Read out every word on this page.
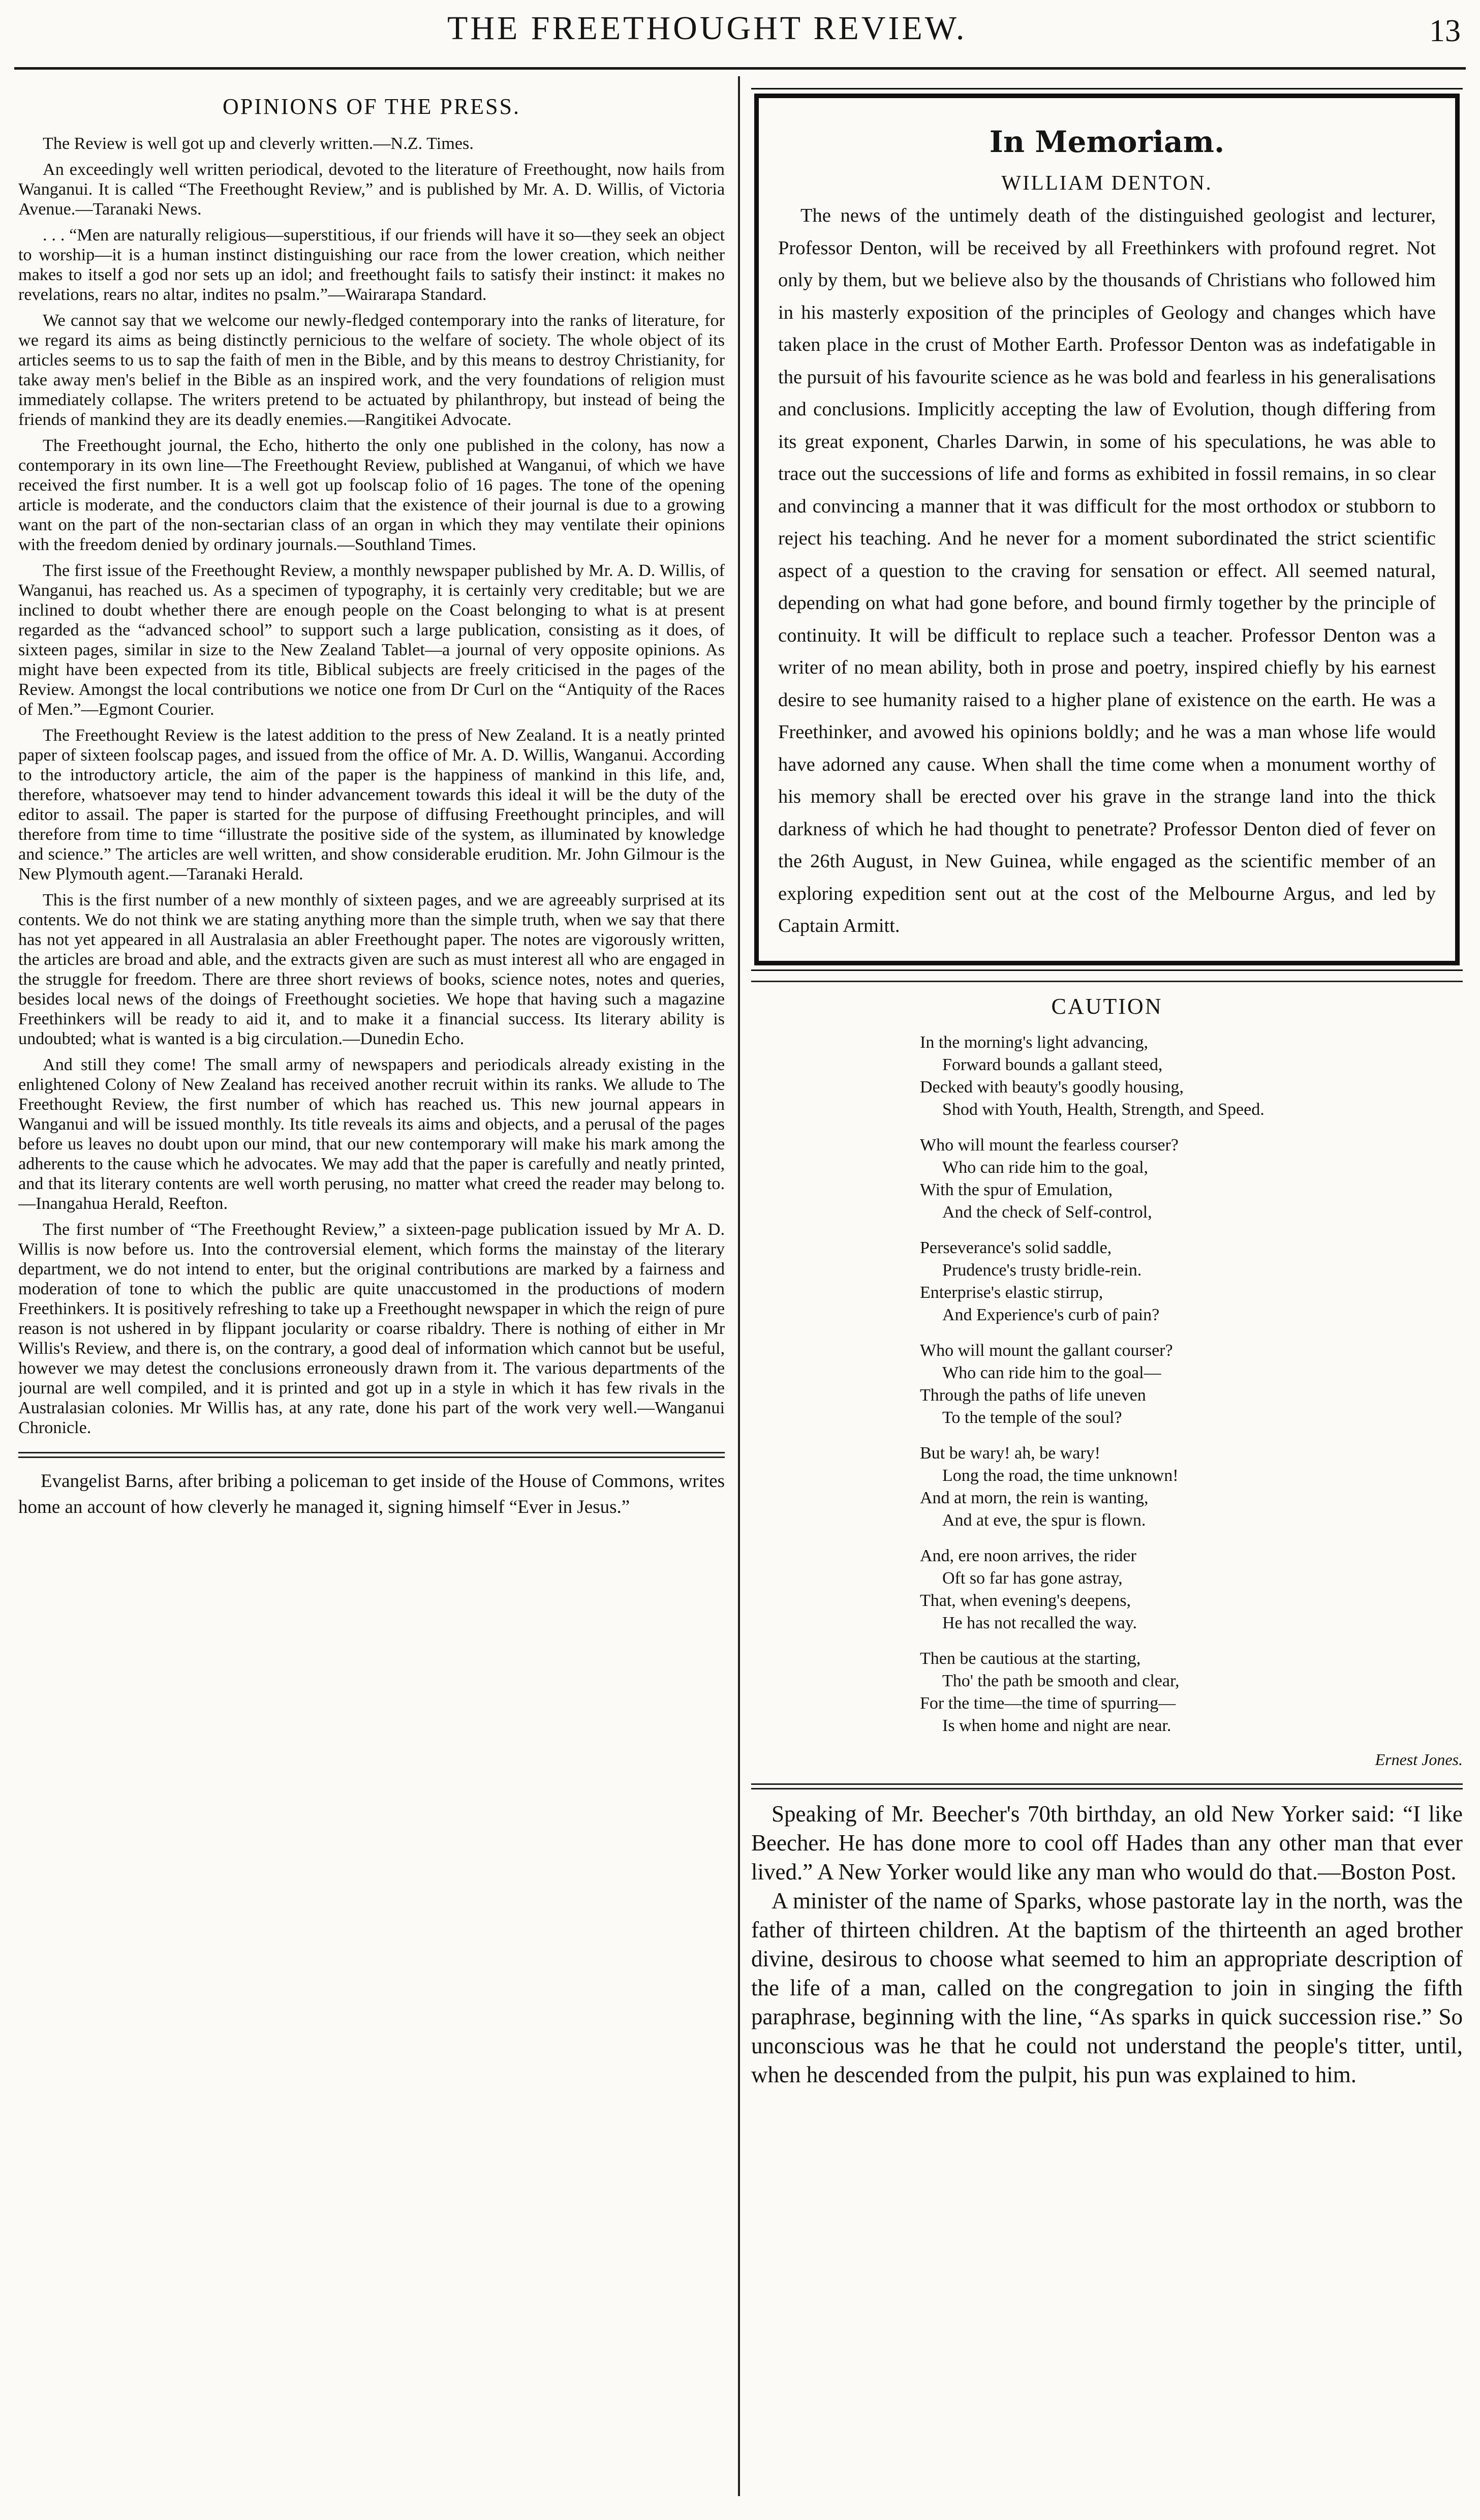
THE FREETHOUGHT REVIEW.	13
OPINIONS OF THE PRESS.

The Review is well got up and cleverly written.—N.Z. Times.

An exceedingly well written periodical, devoted to the literature of Freethought, now hails from Wanganui. It is called “The Freethought Review,” and is published by Mr. A. D. Willis, of Victoria Avenue.—Taranaki News.

. . . “Men are naturally religious—superstitious, if our friends will have it so—they seek an object to worship—it is a human instinct distinguishing our race from the lower creation, which neither makes to itself a god nor sets up an idol; and freethought fails to satisfy their instinct: it makes no revelations, rears no altar, indites no psalm.”—Wairarapa Standard.

We cannot say that we welcome our newly-fledged contemporary into the ranks of literature, for we regard its aims as being distinctly pernicious to the welfare of society. The whole object of its articles seems to us to sap the faith of men in the Bible, and by this means to destroy Christianity, for take away men's belief in the Bible as an inspired work, and the very foundations of religion must immediately collapse. The writers pretend to be actuated by philanthropy, but instead of being the friends of mankind they are its deadly enemies.—Rangitikei Advocate.

The Freethought journal, the Echo, hitherto the only one published in the colony, has now a contemporary in its own line—The Freethought Review, published at Wanganui, of which we have received the first number. It is a well got up foolscap folio of 16 pages. The tone of the opening article is moderate, and the conductors claim that the existence of their journal is due to a growing want on the part of the non-sectarian class of an organ in which they may ventilate their opinions with the freedom denied by ordinary journals.—Southland Times.

The first issue of the Freethought Review, a monthly newspaper published by Mr. A. D. Willis, of Wanganui, has reached us. As a specimen of typography, it is certainly very creditable; but we are inclined to doubt whether there are enough people on the Coast belonging to what is at present regarded as the “advanced school” to support such a large publication, consisting as it does, of sixteen pages, similar in size to the New Zealand Tablet—a journal of very opposite opinions. As might have been expected from its title, Biblical subjects are freely criticised in the pages of the Review. Amongst the local contributions we notice one from Dr Curl on the “Antiquity of the Races of Men.”—Egmont Courier.

The Freethought Review is the latest addition to the press of New Zealand. It is a neatly printed paper of sixteen foolscap pages, and issued from the office of Mr. A. D. Willis, Wanganui. According to the introductory article, the aim of the paper is the happiness of mankind in this life, and, therefore, whatsoever may tend to hinder advancement towards this ideal it will be the duty of the editor to assail. The paper is started for the purpose of diffusing Freethought principles, and will therefore from time to time “illustrate the positive side of the system, as illuminated by knowledge and science.” The articles are well written, and show considerable erudition. Mr. John Gilmour is the New Plymouth agent.—Taranaki Herald.

This is the first number of a new monthly of sixteen pages, and we are agreeably surprised at its contents. We do not think we are stating anything more than the simple truth, when we say that there has not yet appeared in all Australasia an abler Freethought paper. The notes are vigorously written, the articles are broad and able, and the extracts given are such as must interest all who are engaged in the struggle for freedom. There are three short reviews of books, science notes, notes and queries, besides local news of the doings of Freethought societies. We hope that having such a magazine Freethinkers will be ready to aid it, and to make it a financial success. Its literary ability is undoubted; what is wanted is a big circulation.—Dunedin Echo.

And still they come! The small army of newspapers and periodicals already existing in the enlightened Colony of New Zealand has received another recruit within its ranks. We allude to The Freethought Review, the first number of which has reached us. This new journal appears in Wanganui and will be issued monthly. Its title reveals its aims and objects, and a perusal of the pages before us leaves no doubt upon our mind, that our new contemporary will make his mark among the adherents to the cause which he advocates. We may add that the paper is carefully and neatly printed, and that its literary contents are well worth perusing, no matter what creed the reader may belong to.—Inangahua Herald, Reefton.

The first number of “The Freethought Review,” a sixteen-page publication issued by Mr A. D. Willis is now before us. Into the controversial element, which forms the mainstay of the literary department, we do not intend to enter, but the original contributions are marked by a fairness and moderation of tone to which the public are quite unaccustomed in the productions of modern Freethinkers. It is positively refreshing to take up a Freethought newspaper in which the reign of pure reason is not ushered in by flippant jocularity or coarse ribaldry. There is nothing of either in Mr Willis's Review, and there is, on the contrary, a good deal of information which cannot but be useful, however we may detest the conclusions erroneously drawn from it. The various departments of the journal are well compiled, and it is printed and got up in a style in which it has few rivals in the Australasian colonies. Mr Willis has, at any rate, done his part of the work very well.—Wanganui Chronicle.

Evangelist Barns, after bribing a policeman to get inside of the House of Commons, writes home an account of how cleverly he managed it, signing himself “Ever in Jesus.”

In Memoriam.
WILLIAM DENTON.

The news of the untimely death of the distinguished geologist and lecturer, Professor Denton, will be received by all Freethinkers with profound regret. Not only by them, but we believe also by the thousands of Christians who followed him in his masterly exposition of the principles of Geology and changes which have taken place in the crust of Mother Earth. Professor Denton was as indefatigable in the pursuit of his favourite science as he was bold and fearless in his generalisations and conclusions. Implicitly accepting the law of Evolution, though differing from its great exponent, Charles Darwin, in some of his speculations, he was able to trace out the successions of life and forms as exhibited in fossil remains, in so clear and convincing a manner that it was difficult for the most orthodox or stubborn to reject his teaching. And he never for a moment subordinated the strict scientific aspect of a question to the craving for sensation or effect. All seemed natural, depending on what had gone before, and bound firmly together by the principle of continuity. It will be difficult to replace such a teacher. Professor Denton was a writer of no mean ability, both in prose and poetry, inspired chiefly by his earnest desire to see humanity raised to a higher plane of existence on the earth. He was a Freethinker, and avowed his opinions boldly; and he was a man whose life would have adorned any cause. When shall the time come when a monument worthy of his memory shall be erected over his grave in the strange land into the thick darkness of which he had thought to penetrate? Professor Denton died of fever on the 26th August, in New Guinea, while engaged as the scientific member of an exploring expedition sent out at the cost of the Melbourne Argus, and led by Captain Armitt.

CAUTION
In the morning's light advancing,
Forward bounds a gallant steed,
Decked with beauty's goodly housing,
Shod with Youth, Health, Strength, and Speed.
Who will mount the fearless courser?
Who can ride him to the goal,
With the spur of Emulation,
And the check of Self-control,
Perseverance's solid saddle,
Prudence's trusty bridle-rein.
Enterprise's elastic stirrup,
And Experience's curb of pain?
Who will mount the gallant courser?
Who can ride him to the goal—
Through the paths of life uneven
To the temple of the soul?
But be wary! ah, be wary!
Long the road, the time unknown!
And at morn, the rein is wanting,
And at eve, the spur is flown.
And, ere noon arrives, the rider
Oft so far has gone astray,
That, when evening's deepens,
He has not recalled the way.
Then be cautious at the starting,
Tho' the path be smooth and clear,
For the time—the time of spurring—
Is when home and night are near.
Ernest Jones.

Speaking of Mr. Beecher's 70th birthday, an old New Yorker said: “I like Beecher. He has done more to cool off Hades than any other man that ever lived.” A New Yorker would like any man who would do that.—Boston Post.

A minister of the name of Sparks, whose pastorate lay in the north, was the father of thirteen children. At the baptism of the thirteenth an aged brother divine, desirous to choose what seemed to him an appropriate description of the life of a man, called on the congregation to join in singing the fifth paraphrase, beginning with the line, “As sparks in quick succession rise.” So unconscious was he that he could not understand the people's titter, until, when he descended from the pulpit, his pun was explained to him.
